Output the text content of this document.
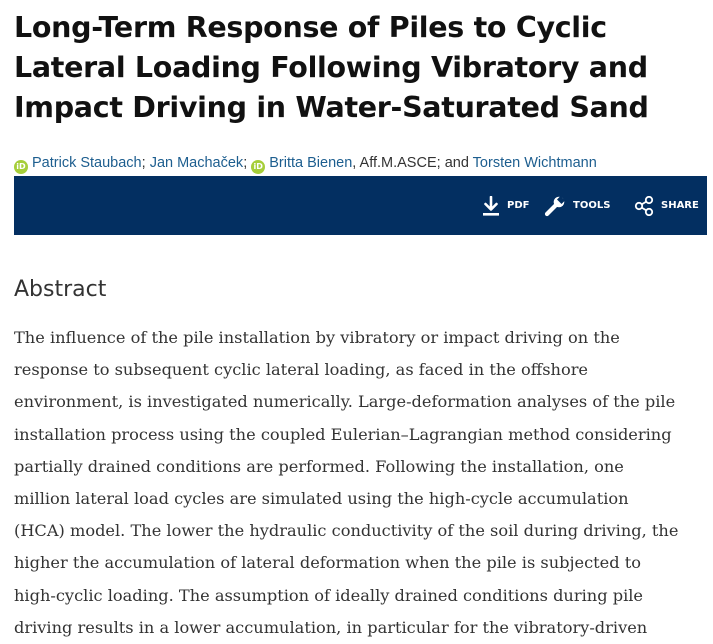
Long-Term Response of Piles to Cyclic Lateral Loading Following Vibratory and Impact Driving in Water-Saturated Sand
iD Patrick Staubach; Jan Machaček; iD Britta Bienen, Aff.M.ASCE; and Torsten Wichtmann
PDF	TOOLS	SHARE
Abstract

The influence of the pile installation by vibratory or impact driving on the
response to subsequent cyclic lateral loading, as faced in the offshore
environment, is investigated numerically. Large-deformation analyses of the pile
installation process using the coupled Eulerian–Lagrangian method considering
partially drained conditions are performed. Following the installation, one
million lateral load cycles are simulated using the high-cycle accumulation
(HCA) model. The lower the hydraulic conductivity of the soil during driving, the
higher the accumulation of lateral deformation when the pile is subjected to
high-cyclic loading. The assumption of ideally drained conditions during pile
driving results in a lower accumulation, in particular for the vibratory-driven
